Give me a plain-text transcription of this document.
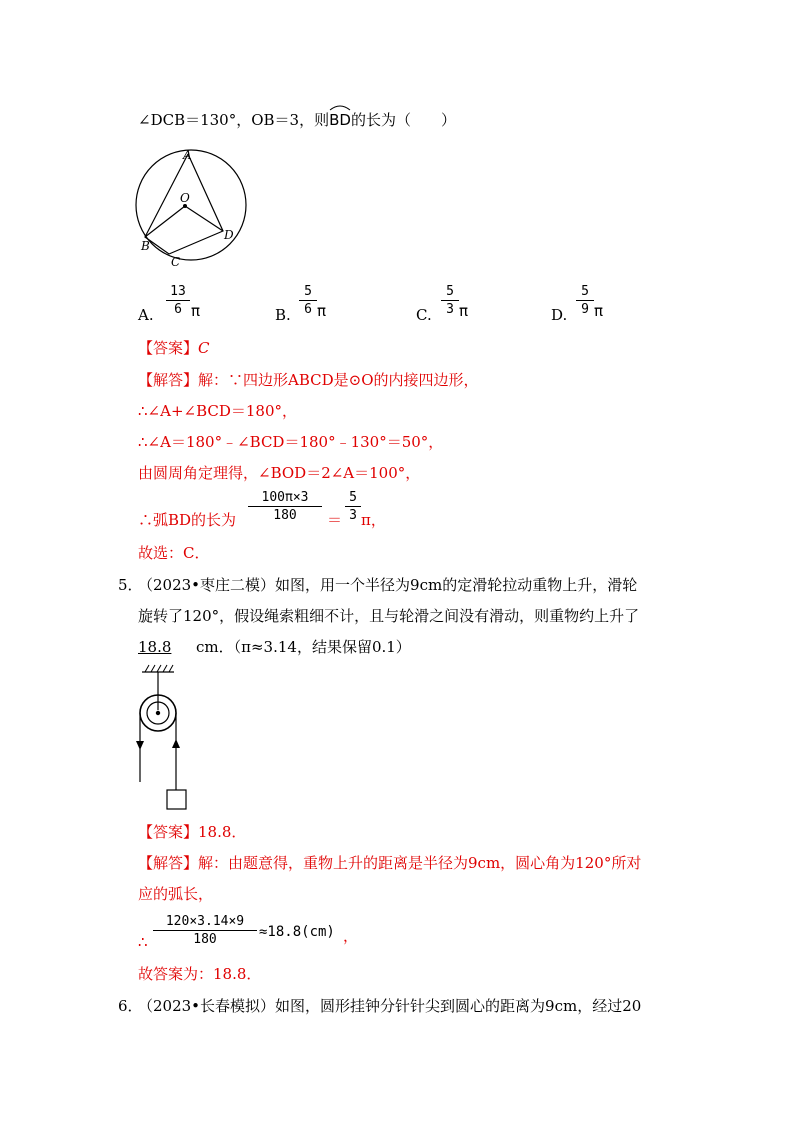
∠DCB＝130°，OB＝3，则
BD的长为（　　）
A
O
B
C
D
A.
13
6 π	B.
5
6 π	C.
5
3 π	D.
5
9 π
【答案】C
【解答】解：∵四边形ABCD是⊙O的内接四边形，
∴∠A+∠BCD＝180°，
∴∠A＝180°﹣∠BCD＝180°﹣130°＝50°，
由圆周角定理得，∠BOD＝2∠A＝100°，
∴弧BD的长为
100π×3
180	＝
5
3 π，
故选：C．
5．
（2023•枣庄二模）如图，用一个半径为9cm的定滑轮拉动重物上升，滑轮
旋转了120°，假设绳索粗细不计，且与轮滑之间没有滑动，则重物约上升了
18.8 cm．（π≈3.14，结果保留0.1）
【答案】18.8．
【解答】解：由题意得，重物上升的距离是半径为9cm，圆心角为120°所对
应的弧长，
∴
120×3.14×9
180	≈18.8(cm) ，
故答案为：18.8．
6．
（2023•长春模拟）如图，圆形挂钟分针针尖到圆心的距离为9cm，经过20
